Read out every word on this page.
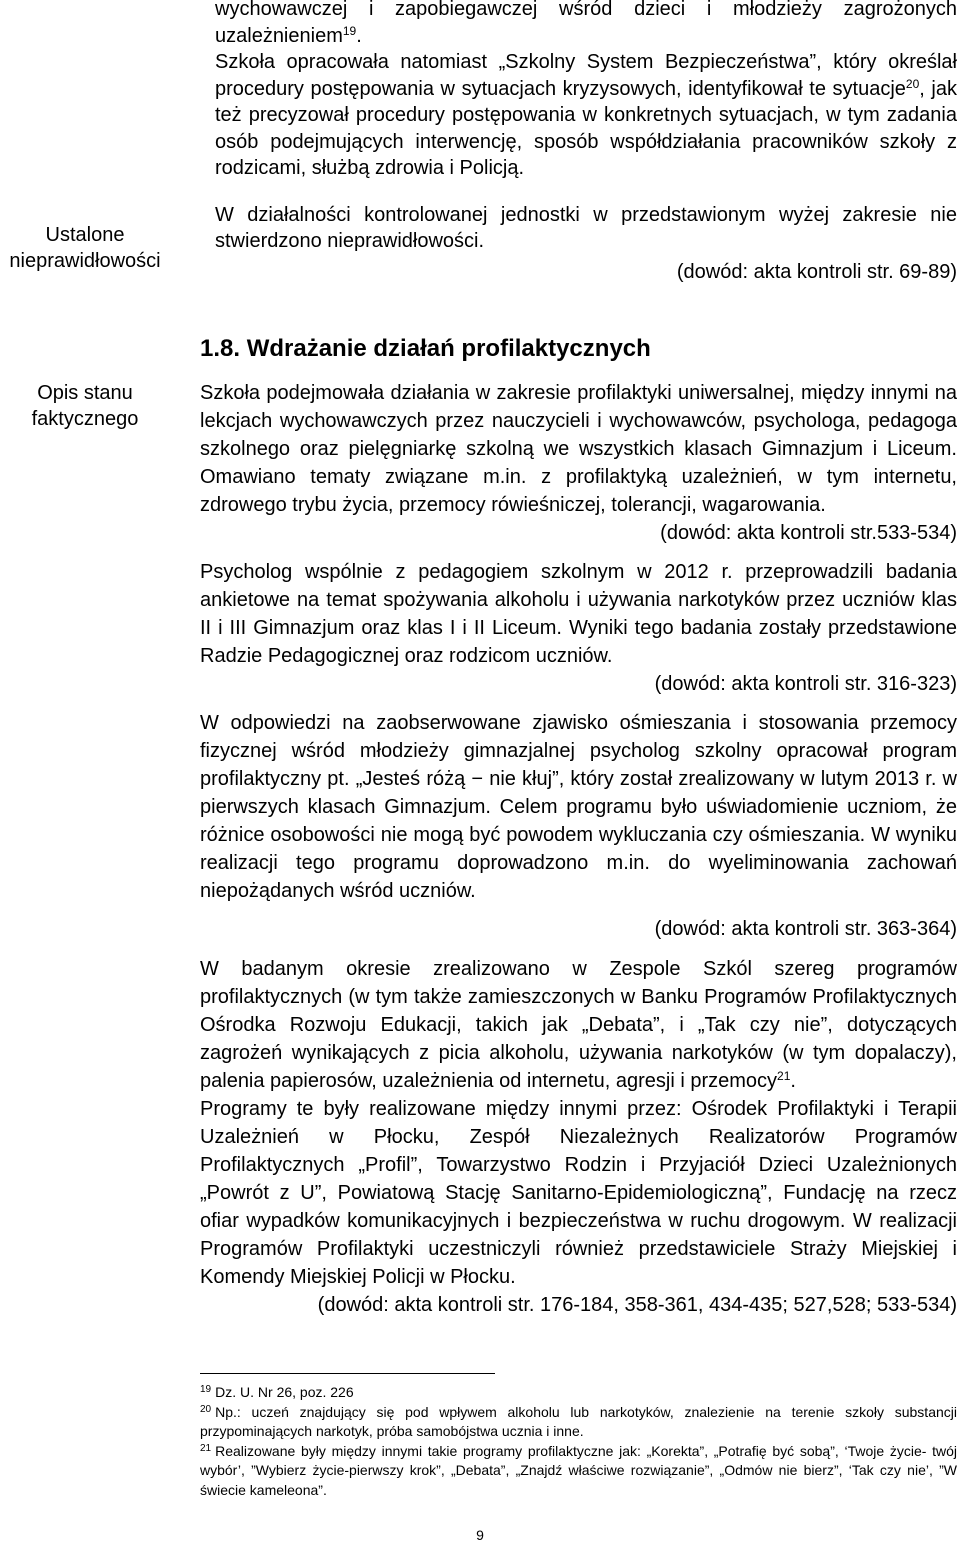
Ustalone
nieprawidłowości
Opis stanu
faktycznego

wychowawczej i zapobiegawczej wśród dzieci i młodzieży zagrożonych

uzależnieniem$^{19}$.

Szkoła opracowała natomiast „Szkolny System Bezpieczeństwa”, który określał procedury postępowania w sytuacjach kryzysowych, identyfikował te sytuacje$^{20}$, jak też precyzował procedury postępowania w konkretnych sytuacjach, w tym zadania osób podejmujących interwencję, sposób współdziałania pracowników szkoły z rodzicami, służbą zdrowia i Policją.

W działalności kontrolowanej jednostki w przedstawionym wyżej zakresie nie stwierdzono nieprawidłowości.

(dowód: akta kontroli str. 69-89)

1.8. Wdrażanie działań profilaktycznych

Szkoła podejmowała działania w zakresie profilaktyki uniwersalnej, między innymi na lekcjach wychowawczych przez nauczycieli i wychowawców, psychologa, pedagoga szkolnego oraz pielęgniarkę szkolną we wszystkich klasach Gimnazjum i Liceum. Omawiano tematy związane m.in. z profilaktyką uzależnień, w tym internetu, zdrowego trybu życia, przemocy rówieśniczej, tolerancji, wagarowania.

(dowód: akta kontroli str.533-534)

Psycholog wspólnie z pedagogiem szkolnym w 2012 r. przeprowadzili badania ankietowe na temat spożywania alkoholu i używania narkotyków przez uczniów klas II i III Gimnazjum oraz klas I i II Liceum. Wyniki tego badania zostały przedstawione Radzie Pedagogicznej oraz rodzicom uczniów.

(dowód: akta kontroli str. 316-323)

W odpowiedzi na zaobserwowane zjawisko ośmieszania i stosowania przemocy fizycznej wśród młodzieży gimnazjalnej psycholog szkolny opracował program profilaktyczny pt. „Jesteś różą − nie kłuj”, który został zrealizowany w lutym 2013 r. w pierwszych klasach Gimnazjum. Celem programu było uświadomienie uczniom, że różnice osobowości nie mogą być powodem wykluczania czy ośmieszania. W wyniku realizacji tego programu doprowadzono m.in. do wyeliminowania zachowań niepożądanych wśród uczniów.

(dowód: akta kontroli str. 363-364)

W badanym okresie zrealizowano w Zespole Szkól szereg programów profilaktycznych (w tym także zamieszczonych w Banku Programów Profilaktycznych Ośrodka Rozwoju Edukacji, takich jak „Debata”, i „Tak czy nie”, dotyczących zagrożeń wynikających z picia alkoholu, używania narkotyków (w tym dopalaczy), palenia papierosów, uzależnienia od internetu, agresji i przemocy$^{21}$.

Programy te były realizowane między innymi przez: Ośrodek Profilaktyki i Terapii Uzależnień w Płocku, Zespół Niezależnych Realizatorów Programów Profilaktycznych „Profil”, Towarzystwo Rodzin i Przyjaciół Dzieci Uzależnionych „Powrót z U”, Powiatową Stację Sanitarno-Epidemiologiczną”, Fundację na rzecz ofiar wypadków komunikacyjnych i bezpieczeństwa w ruchu drogowym. W realizacji Programów Profilaktyki uczestniczyli również przedstawiciele Straży Miejskiej i Komendy Miejskiej Policji w Płocku.

(dowód: akta kontroli str. 176-184, 358-361, 434-435; 527,528; 533-534)

$^{19}$ Dz. U. Nr 26, poz. 226

$^{20}$ Np.: uczeń znajdujący się pod wpływem alkoholu lub narkotyków, znalezienie na terenie szkoły substancji przypominających narkotyk, próba samobójstwa ucznia i inne.

$^{21}$ Realizowane były między innymi takie programy profilaktyczne jak: „Korekta”, „Potrafię być sobą”, ‘Twoje życie- twój wybór’, ”Wybierz życie-pierwszy krok”, „Debata”, „Znajdź właściwe rozwiązanie”, „Odmów nie bierz”, ‘Tak czy nie’, ”W świecie kameleona”.

9
